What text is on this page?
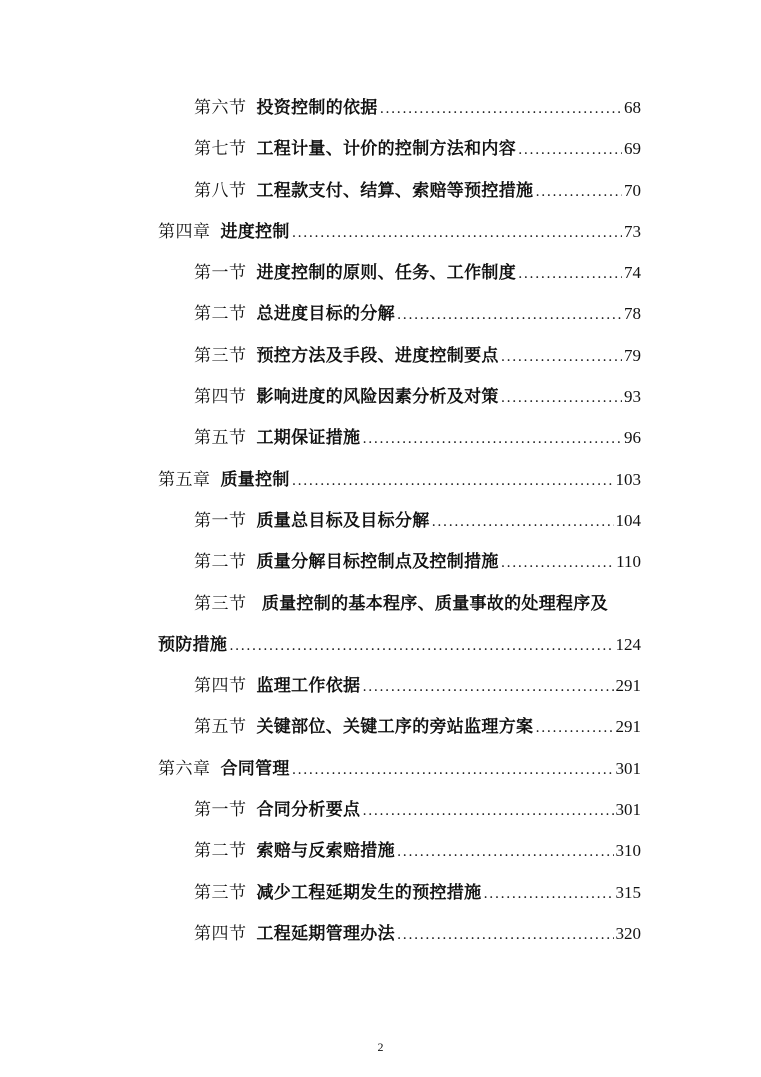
第六节 投资控制的依据 .....	68
第七节 工程计量、计价的控制方法和内容 .....	69
第八节 工程款支付、结算、索赔等预控措施 .....	70
第四章 进度控制 .....	73
第一节 进度控制的原则、任务、工作制度 .....	74
第二节 总进度目标的分解 .....	78
第三节 预控方法及手段、进度控制要点 .....	79
第四节 影响进度的风险因素分析及对策 .....	93
第五节 工期保证措施 .....	96
第五章 质量控制 .....	103
第一节 质量总目标及目标分解 .....	104
第二节 质量分解目标控制点及控制措施 .....	110
第三节 质量控制的基本程序、质量事故的处理程序及
预防措施 .....	124
第四节 监理工作依据 .....	291
第五节 关键部位、关键工序的旁站监理方案 .....	291
第六章 合同管理 .....	301
第一节 合同分析要点 .....	301
第二节 索赔与反索赔措施 .....	310
第三节 减少工程延期发生的预控措施 .....	315
第四节 工程延期管理办法 .....	320
2
